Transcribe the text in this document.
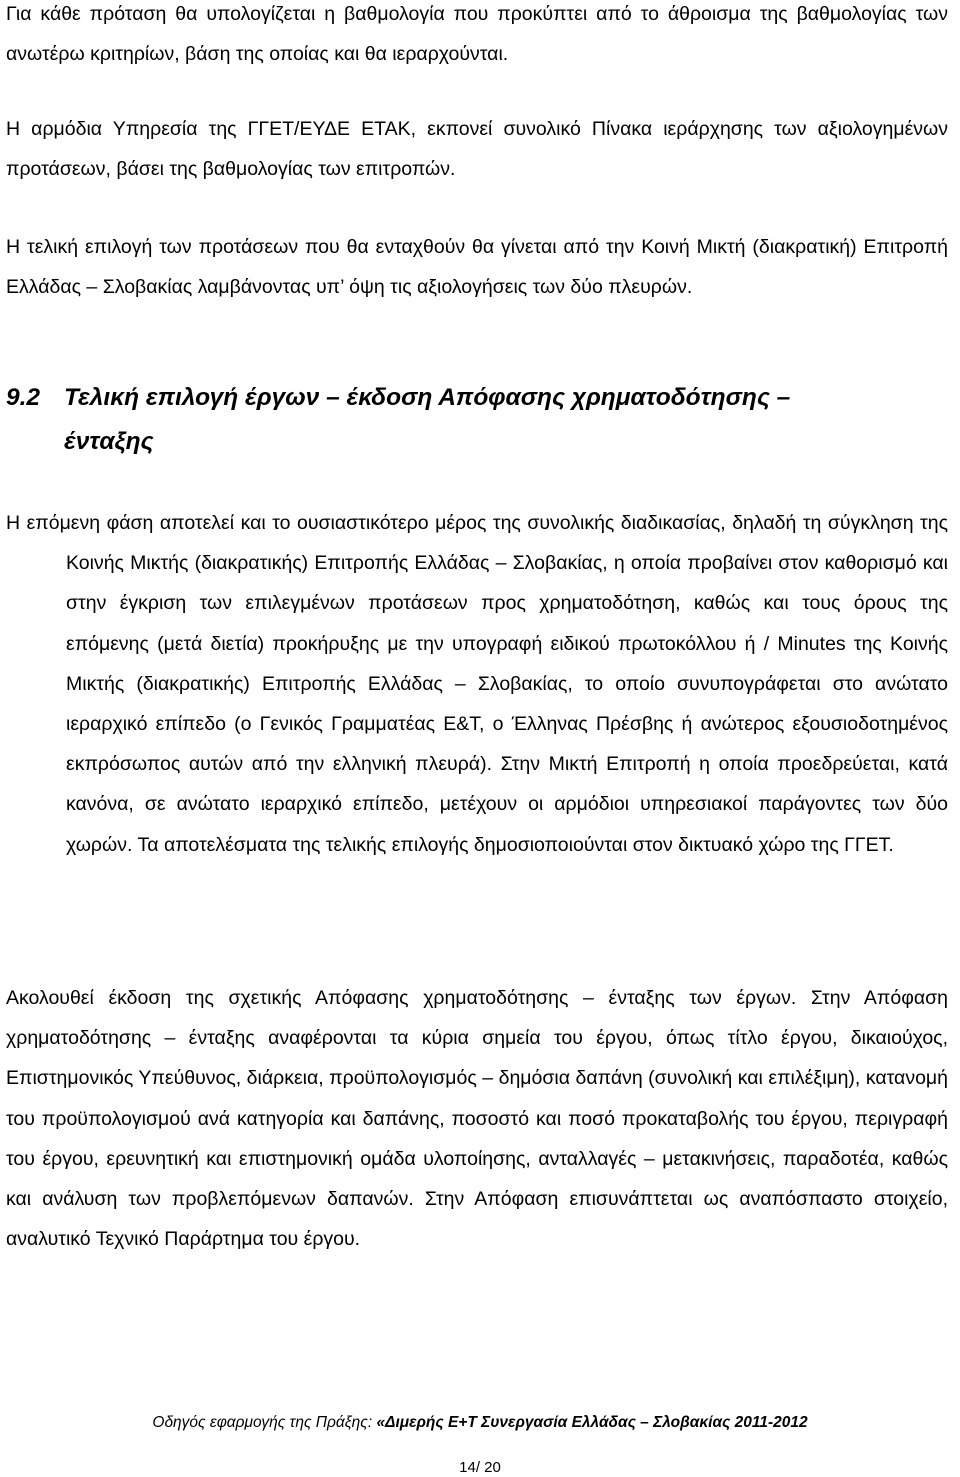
Για κάθε πρόταση θα υπολογίζεται η βαθμολογία που προκύπτει από το άθροισμα της βαθμολογίας των ανωτέρω κριτηρίων, βάση της οποίας και θα ιεραρχούνται.

Η αρμόδια Υπηρεσία της ΓΓΕΤ/ΕΥΔΕ ΕΤΑΚ, εκπονεί συνολικό Πίνακα ιεράρχησης των αξιολογημένων προτάσεων, βάσει της βαθμολογίας των επιτροπών.

Η τελική επιλογή των προτάσεων που θα ενταχθούν θα γίνεται από την Κοινή Μικτή (διακρατική) Επιτροπή Ελλάδας – Σλοβακίας λαμβάνοντας υπ’ όψη τις αξιολογήσεις των δύο πλευρών.

9.2 Τελική επιλογή έργων – έκδοση Απόφασης χρηματοδότησης –
ένταξης

Η επόμενη φάση αποτελεί και το ουσιαστικότερο μέρος της συνολικής διαδικασίας, δηλαδή τη σύγκληση της Κοινής Μικτής (διακρατικής) Επιτροπής Ελλάδας – Σλοβακίας, η οποία προβαίνει στον καθορισμό και στην έγκριση των επιλεγμένων προτάσεων προς χρηματοδότηση, καθώς και τους όρους της επόμενης (μετά διετία) προκήρυξης με την υπογραφή ειδικού πρωτοκόλλου ή / Minutes της Κοινής Μικτής (διακρατικής) Επιτροπής Ελλάδας – Σλοβακίας, το οποίο συνυπογράφεται στο ανώτατο ιεραρχικό επίπεδο (ο Γενικός Γραμματέας Ε&Τ, ο Έλληνας Πρέσβης ή ανώτερος εξουσιοδοτημένος εκπρόσωπος αυτών από την ελληνική πλευρά). Στην Μικτή Επιτροπή η οποία προεδρεύεται, κατά κανόνα, σε ανώτατο ιεραρχικό επίπεδο, μετέχουν οι αρμόδιοι υπηρεσιακοί παράγοντες των δύο χωρών. Τα αποτελέσματα της τελικής επιλογής δημοσιοποιούνται στον δικτυακό χώρο της ΓΓΕΤ.

Ακολουθεί έκδοση της σχετικής Απόφασης χρηματοδότησης – ένταξης των έργων. Στην Απόφαση χρηματοδότησης – ένταξης αναφέρονται τα κύρια σημεία του έργου, όπως τίτλο έργου, δικαιούχος, Επιστημονικός Υπεύθυνος, διάρκεια, προϋπολογισμός – δημόσια δαπάνη (συνολική και επιλέξιμη), κατανομή του προϋπολογισμού ανά κατηγορία και δαπάνης, ποσοστό και ποσό προκαταβολής του έργου, περιγραφή του έργου, ερευνητική και επιστημονική ομάδα υλοποίησης, ανταλλαγές – μετακινήσεις, παραδοτέα, καθώς και ανάλυση των προβλεπόμενων δαπανών. Στην Απόφαση επισυνάπτεται ως αναπόσπαστο στοιχείο, αναλυτικό Τεχνικό Παράρτημα του έργου.

Οδηγός εφαρμογής της Πράξης: «Διμερής Ε+Τ Συνεργασία Ελλάδας – Σλοβακίας 2011-2012

14/ 20
